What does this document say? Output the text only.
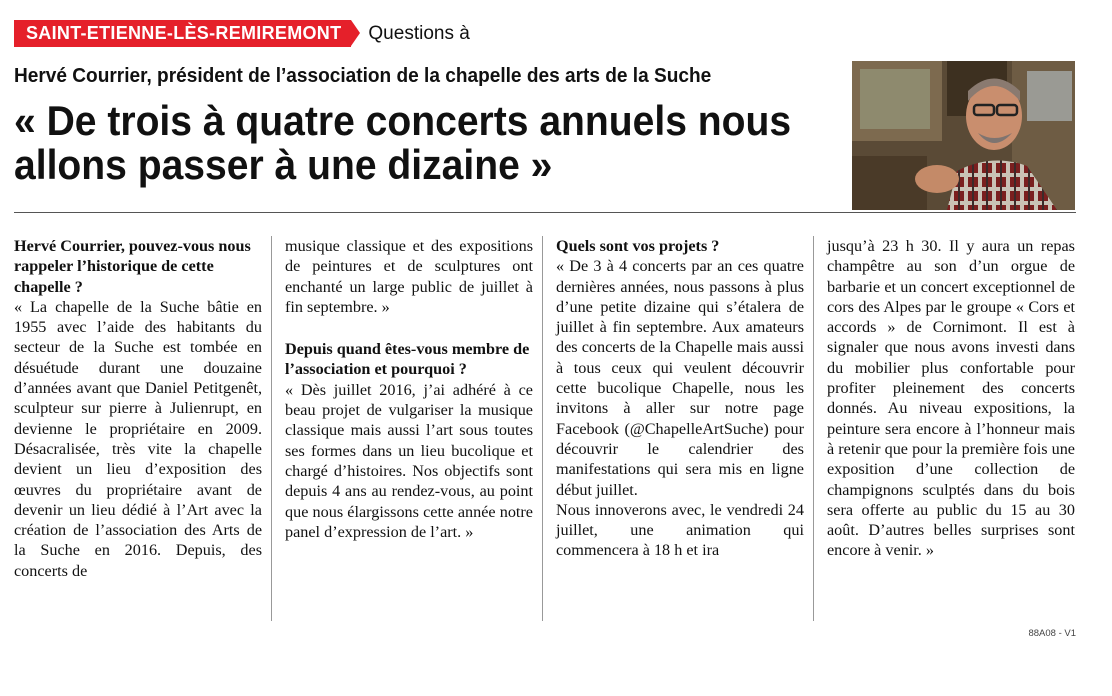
SAINT-ETIENNE-LÈS-REMIREMONT	Questions à
Hervé Courrier, président de l’association de la chapelle des arts de la Suche
« De trois à quatre concerts annuels nous
allons passer à une dizaine »

Hervé Courrier, pouvez-vous nous rappeler l’historique de cette chapelle ?

« La chapelle de la Suche bâtie en 1955 avec l’aide des habitants du secteur de la Suche est tombée en désuétude durant une douzaine d’années avant que Daniel Petitgenêt, sculpteur sur pierre à Julienrupt, en devienne le propriétaire en 2009. Désacralisée, très vite la chapelle devient un lieu d’exposition des œuvres du propriétaire avant de devenir un lieu dédié à l’Art avec la création de l’association des Arts de la Suche en 2016. Depuis, des concerts de

musique classique et des expositions de peintures et de sculptures ont enchanté un large public de juillet à fin septembre. »

Depuis quand êtes-vous membre de l’association et pourquoi ?

« Dès juillet 2016, j’ai adhéré à ce beau projet de vulgariser la musique classique mais aussi l’art sous toutes ses formes dans un lieu bucolique et chargé d’histoires. Nos objectifs sont depuis 4 ans au rendez-vous, au point que nous élargissons cette année notre panel d’expression de l’art. »

Quels sont vos projets ?

« De 3 à 4 concerts par an ces quatre dernières années, nous passons à plus d’une petite dizaine qui s’étalera de juillet à fin septembre. Aux amateurs des concerts de la Chapelle mais aussi à tous ceux qui veulent découvrir cette bucolique Chapelle, nous les invitons à aller sur notre page Facebook (@ChapelleArtSuche) pour découvrir le calendrier des manifestations qui sera mis en ligne début juillet.

Nous innoverons avec, le vendredi 24 juillet, une animation qui commencera à 18 h et ira

jusqu’à 23 h 30. Il y aura un repas champêtre au son d’un orgue de barbarie et un concert exceptionnel de cors des Alpes par le groupe « Cors et accords » de Cornimont. Il est à signaler que nous avons investi dans du mobilier plus confortable pour profiter pleinement des concerts donnés. Au niveau expositions, la peinture sera encore à l’honneur mais à retenir que pour la première fois une exposition d’une collection de champignons sculptés dans du bois sera offerte au public du 15 au 30 août. D’autres belles surprises sont encore à venir. »

88A08 - V1
